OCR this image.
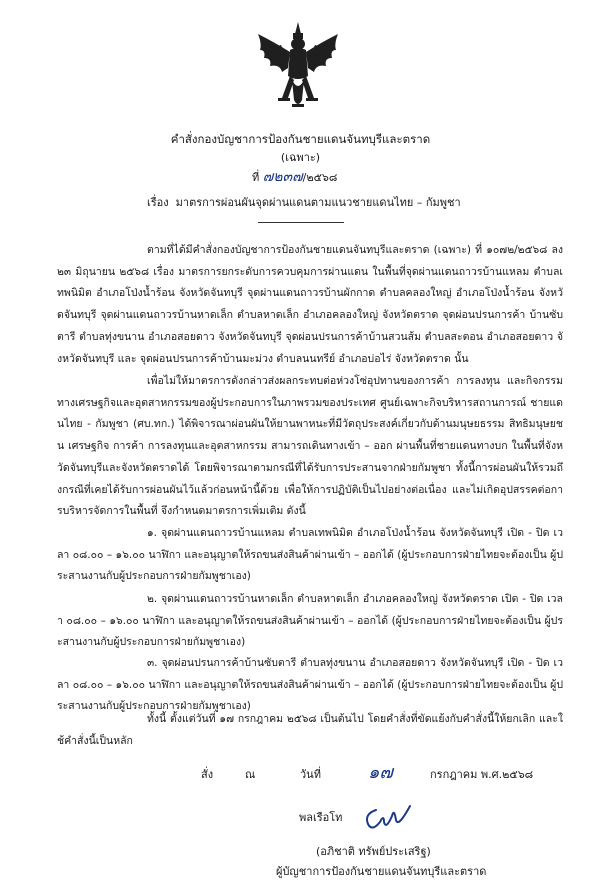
คำสั่งกองบัญชาการป้องกันชายแดนจันทบุรีและตราด
(เฉพาะ)
ที่ ๗๒๓๗/๒๕๖๘
เรื่อง มาตรการผ่อนผันจุดผ่านแดนตามแนวชายแดนไทย – กัมพูชา
ตามที่ได้มีคำสั่งกองบัญชาการป้องกันชายแดนจันทบุรีและตราด (เฉพาะ) ที่ ๑๐๗๒/๒๕๖๘ ลง ๒๓ มิถุนายน ๒๕๖๘ เรื่อง มาตรการยกระดับการควบคุมการผ่านแดน ในพื้นที่จุดผ่านแดนถาวรบ้านแหลม ตำบลเทพนิมิต อำเภอโป่งน้ำร้อน จังหวัดจันทบุรี จุดผ่านแดนถาวรบ้านผักกาด ตำบลคลองใหญ่ อำเภอโป่งน้ำร้อน จังหวัดจันทบุรี จุดผ่านแดนถาวรบ้านหาดเล็ก ตำบลหาดเล็ก อำเภอคลองใหญ่ จังหวัดตราด จุดผ่อนปรนการค้า บ้านซับตารี ตำบลทุ่งขนาน อำเภอสอยดาว จังหวัดจันทบุรี จุดผ่อนปรนการค้าบ้านสวนส้ม ตำบลสะตอน อำเภอสอยดาว จังหวัดจันทบุรี และ จุดผ่อนปรนการค้าบ้านมะม่วง ตำบลนนทรีย์ อำเภอบ่อไร่ จังหวัดตราด นั้น
เพื่อไม่ให้มาตรการดังกล่าวส่งผลกระทบต่อห่วงโซ่อุปทานของการค้า การลงทุน และกิจกรรม ทางเศรษฐกิจและอุตสาหกรรมของผู้ประกอบการในภาพรวมของประเทศ ศูนย์เฉพาะกิจบริหารสถานการณ์ ชายแดนไทย - กัมพูชา (ศบ.ทก.) ได้พิจารณาผ่อนผันให้ยานพาหนะที่มีวัตถุประสงค์เกี่ยวกับด้านมนุษยธรรม สิทธิมนุษยชน เศรษฐกิจ การค้า การลงทุนและอุตสาหกรรม สามารถเดินทางเข้า – ออก ผ่านพื้นที่ชายแดนทางบก ในพื้นที่จังหวัดจันทบุรีและจังหวัดตราดได้ โดยพิจารณาตามกรณีที่ได้รับการประสานจากฝ่ายกัมพูชา ทั้งนี้การผ่อนผันให้รวมถึงกรณีที่เคยได้รับการผ่อนผันไว้แล้วก่อนหน้านี้ด้วย เพื่อให้การปฏิบัติเป็นไปอย่างต่อเนื่อง และไม่เกิดอุปสรรคต่อการบริหารจัดการในพื้นที่ จึงกำหนดมาตรการเพิ่มเติม ดังนี้
๑. จุดผ่านแดนถาวรบ้านแหลม ตำบลเทพนิมิต อำเภอโป่งน้ำร้อน จังหวัดจันทบุรี เปิด - ปิด เวลา ๐๘.๐๐ – ๑๖.๐๐ นาฬิกา และอนุญาตให้รถขนส่งสินค้าผ่านเข้า – ออกได้ (ผู้ประกอบการฝ่ายไทยจะต้องเป็น ผู้ประสานงานกับผู้ประกอบการฝ่ายกัมพูชาเอง)
๒. จุดผ่านแดนถาวรบ้านหาดเล็ก ตำบลหาดเล็ก อำเภอคลองใหญ่ จังหวัดตราด เปิด - ปิด เวลา ๐๘.๐๐ – ๑๖.๐๐ นาฬิกา และอนุญาตให้รถขนส่งสินค้าผ่านเข้า – ออกได้ (ผู้ประกอบการฝ่ายไทยจะต้องเป็น ผู้ประสานงานกับผู้ประกอบการฝ่ายกัมพูชาเอง)
๓. จุดผ่อนปรนการค้าบ้านซับตารี ตำบลทุ่งขนาน อำเภอสอยดาว จังหวัดจันทบุรี เปิด - ปิด เวลา ๐๘.๐๐ – ๑๖.๐๐ นาฬิกา และอนุญาตให้รถขนส่งสินค้าผ่านเข้า – ออกได้ (ผู้ประกอบการฝ่ายไทยจะต้องเป็น ผู้ประสานงานกับผู้ประกอบการฝ่ายกัมพูชาเอง)
ทั้งนี้ ตั้งแต่วันที่ ๑๗ กรกฎาคม ๒๕๖๘ เป็นต้นไป โดยคำสั่งที่ขัดแย้งกับคำสั่งนี้ให้ยกเลิก และใช้คำสั่งนี้เป็นหลัก
สั่ง	ณ	วันที่	๑๗	กรกฎาคม พ.ศ.๒๕๖๘
พลเรือโท
(อภิชาติ ทรัพย์ประเสริฐ)
ผู้บัญชาการป้องกันชายแดนจันทบุรีและตราด
